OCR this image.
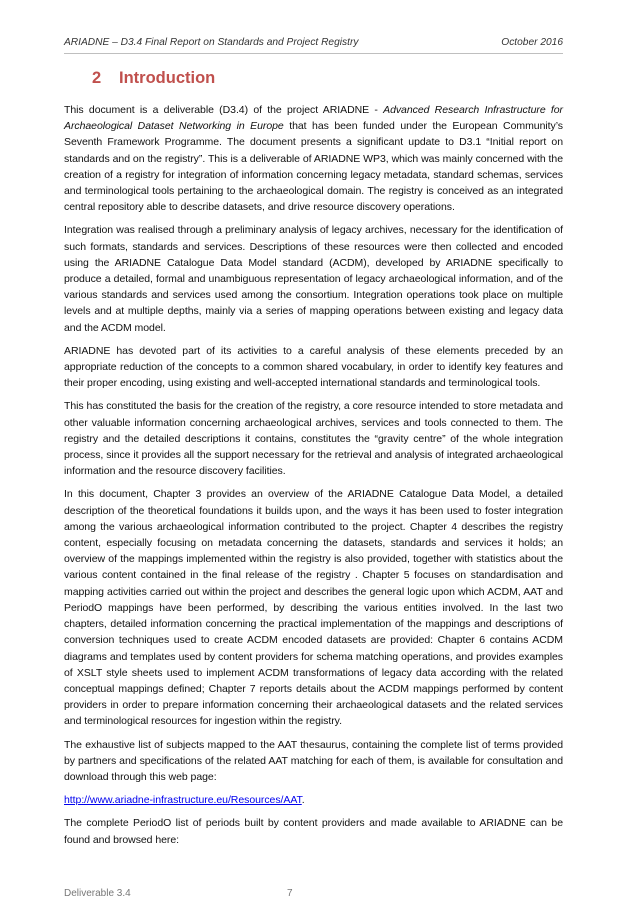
ARIADNE – D3.4 Final Report on Standards and Project Registry	October 2016
2 Introduction

This document is a deliverable (D3.4) of the project ARIADNE - Advanced Research Infrastructure for Archaeological Dataset Networking in Europe that has been funded under the European Community’s Seventh Framework Programme. The document presents a significant update to D3.1 “Initial report on standards and on the registry”. This is a deliverable of ARIADNE WP3, which was mainly concerned with the creation of a registry for integration of information concerning legacy metadata, standard schemas, services and terminological tools pertaining to the archaeological domain. The registry is conceived as an integrated central repository able to describe datasets, and drive resource discovery operations.

Integration was realised through a preliminary analysis of legacy archives, necessary for the identification of such formats, standards and services. Descriptions of these resources were then collected and encoded using the ARIADNE Catalogue Data Model standard (ACDM), developed by ARIADNE specifically to produce a detailed, formal and unambiguous representation of legacy archaeological information, and of the various standards and services used among the consortium. Integration operations took place on multiple levels and at multiple depths, mainly via a series of mapping operations between existing and legacy data and the ACDM model.

ARIADNE has devoted part of its activities to a careful analysis of these elements preceded by an appropriate reduction of the concepts to a common shared vocabulary, in order to identify key features and their proper encoding, using existing and well-accepted international standards and terminological tools.

This has constituted the basis for the creation of the registry, a core resource intended to store metadata and other valuable information concerning archaeological archives, services and tools connected to them. The registry and the detailed descriptions it contains, constitutes the “gravity centre” of the whole integration process, since it provides all the support necessary for the retrieval and analysis of integrated archaeological information and the resource discovery facilities.

In this document, Chapter 3 provides an overview of the ARIADNE Catalogue Data Model, a detailed description of the theoretical foundations it builds upon, and the ways it has been used to foster integration among the various archaeological information contributed to the project. Chapter 4 describes the registry content, especially focusing on metadata concerning the datasets, standards and services it holds; an overview of the mappings implemented within the registry is also provided, together with statistics about the various content contained in the final release of the registry . Chapter 5 focuses on standardisation and mapping activities carried out within the project and describes the general logic upon which ACDM, AAT and PeriodO mappings have been performed, by describing the various entities involved. In the last two chapters, detailed information concerning the practical implementation of the mappings and descriptions of conversion techniques used to create ACDM encoded datasets are provided: Chapter 6 contains ACDM diagrams and templates used by content providers for schema matching operations, and provides examples of XSLT style sheets used to implement ACDM transformations of legacy data according with the related conceptual mappings defined; Chapter 7 reports details about the ACDM mappings performed by content providers in order to prepare information concerning their archaeological datasets and the related services and terminological resources for ingestion within the registry.

The exhaustive list of subjects mapped to the AAT thesaurus, containing the complete list of terms provided by partners and specifications of the related AAT matching for each of them, is available for consultation and download through this web page:

http://www.ariadne-infrastructure.eu/Resources/AAT.

The complete PeriodO list of periods built by content providers and made available to ARIADNE can be found and browsed here:

Deliverable 3.4	7
